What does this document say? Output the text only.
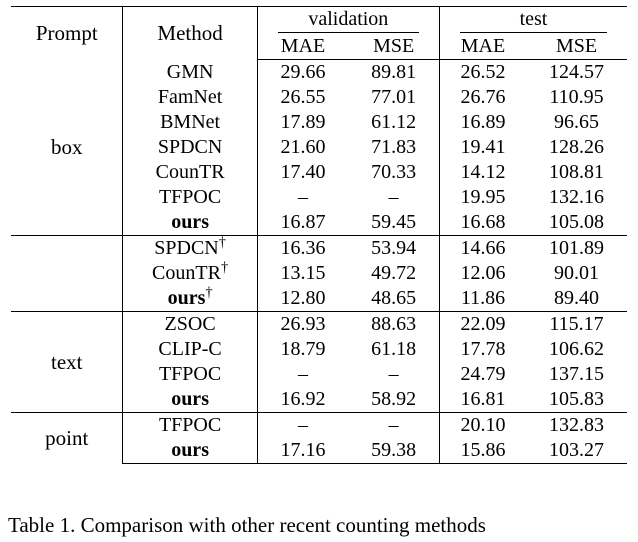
Prompt	Method	validation		test	

		MAE	MSE	MAE	MSE
box	GMN	29.66	89.81	26.52	124.57
	FamNet	26.55	77.01	26.76	110.95
	BMNet	17.89	61.12	16.89	96.65
	SPDCN	21.60	71.83	19.41	128.26
	CounTR	17.40	70.33	14.12	108.81
	TFPOC	–	–	19.95	132.16
	ours	16.87	59.45	16.68	105.08
	SPDCN†	16.36	53.94	14.66	101.89
	CounTR†	13.15	49.72	12.06	90.01
	ours†	12.80	48.65	11.86	89.40
text	ZSOC	26.93	88.63	22.09	115.17
	CLIP-C	18.79	61.18	17.78	106.62
	TFPOC	–	–	24.79	137.15
	ours	16.92	58.92	16.81	105.83
point	TFPOC	–	–	20.10	132.83
	ours	17.16	59.38	15.86	103.27
Table 1. Comparison with other recent counting methods
